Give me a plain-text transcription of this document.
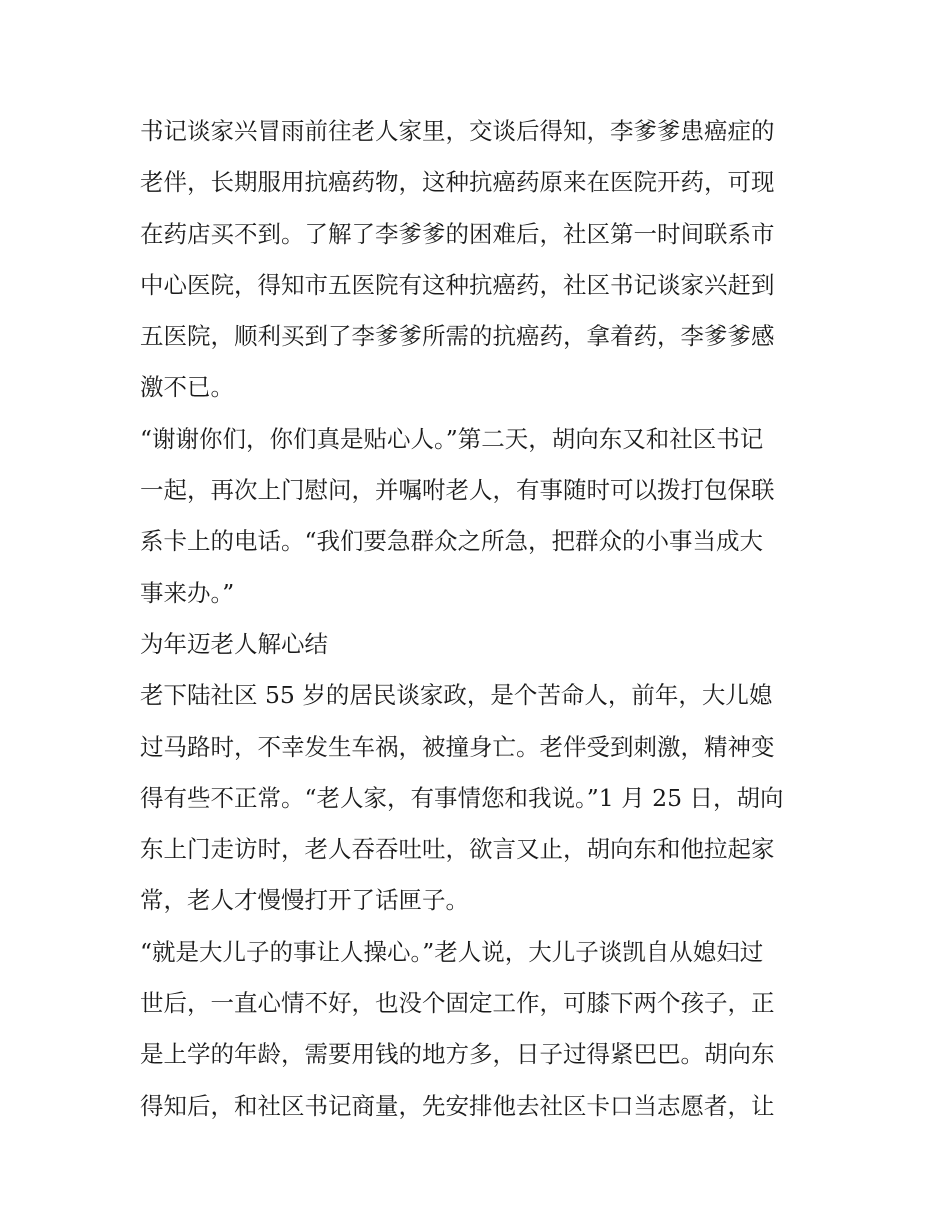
书记谈家兴冒雨前往老人家里，交谈后得知，李爹爹患癌症的
老伴，长期服用抗癌药物，这种抗癌药原来在医院开药，可现
在药店买不到。了解了李爹爹的困难后，社区第一时间联系市
中心医院，得知市五医院有这种抗癌药，社区书记谈家兴赶到
五医院，顺利买到了李爹爹所需的抗癌药，拿着药，李爹爹感
激不已。

“谢谢你们，你们真是贴心人。”第二天，胡向东又和社区书记
一起，再次上门慰问，并嘱咐老人，有事随时可以拨打包保联
系卡上的电话。“我们要急群众之所急，把群众的小事当成大
事来办。”

为年迈老人解心结

老下陆社区 55 岁的居民谈家政，是个苦命人，前年，大儿媳
过马路时，不幸发生车祸，被撞身亡。老伴受到刺激，精神变
得有些不正常。“老人家，有事情您和我说。”1 月 25 日，胡向
东上门走访时，老人吞吞吐吐，欲言又止，胡向东和他拉起家
常，老人才慢慢打开了话匣子。

“就是大儿子的事让人操心。”老人说，大儿子谈凯自从媳妇过
世后，一直心情不好，也没个固定工作，可膝下两个孩子，正
是上学的年龄，需要用钱的地方多，日子过得紧巴巴。胡向东
得知后，和社区书记商量，先安排他去社区卡口当志愿者，让
